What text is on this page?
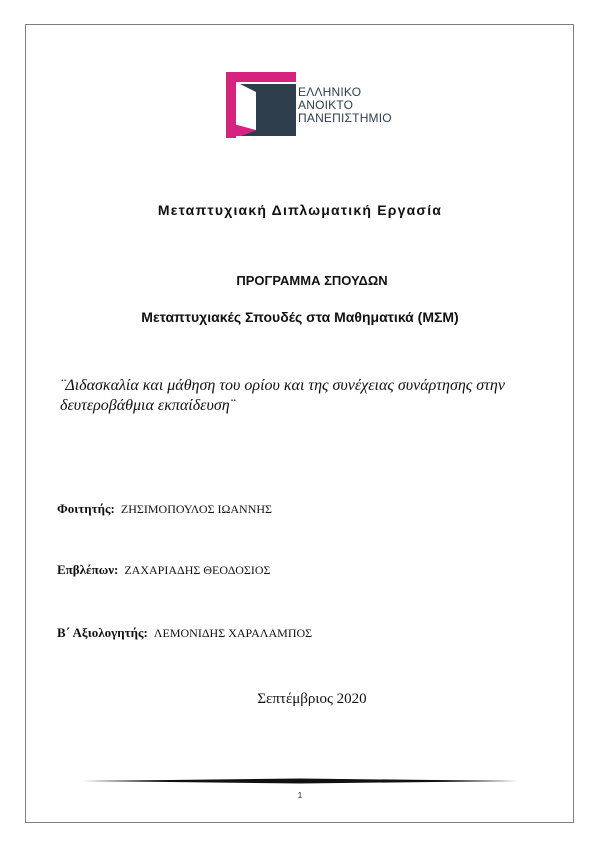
ΕΛΛΗΝΙΚΟ
ΑΝΟΙΚΤΟ
ΠΑΝΕΠΙΣΤΗΜΙΟ
Μεταπτυχιακή Διπλωματική Εργασία
ΠΡΟΓΡΑΜΜΑ ΣΠΟΥΔΩΝ
Μεταπτυχιακές Σπουδές στα Μαθηματικά (ΜΣΜ)
¨Διδασκαλία και μάθηση του ορίου και της συνέχειας συνάρτησης στην δευτεροβάθμια εκπαίδευση¨
Φοιτητής: ΖΗΣΙΜΟΠΟΥΛΟΣ ΙΩΑΝΝΗΣ
Επβλέπων: ΖΑΧΑΡΙΑΔΗΣ ΘΕΟΔΟΣΙΟΣ
Β΄ Αξιολογητής: ΛΕΜΟΝΙΔΗΣ ΧΑΡΑΛΑΜΠΟΣ
Σεπτέμβριος 2020
1
